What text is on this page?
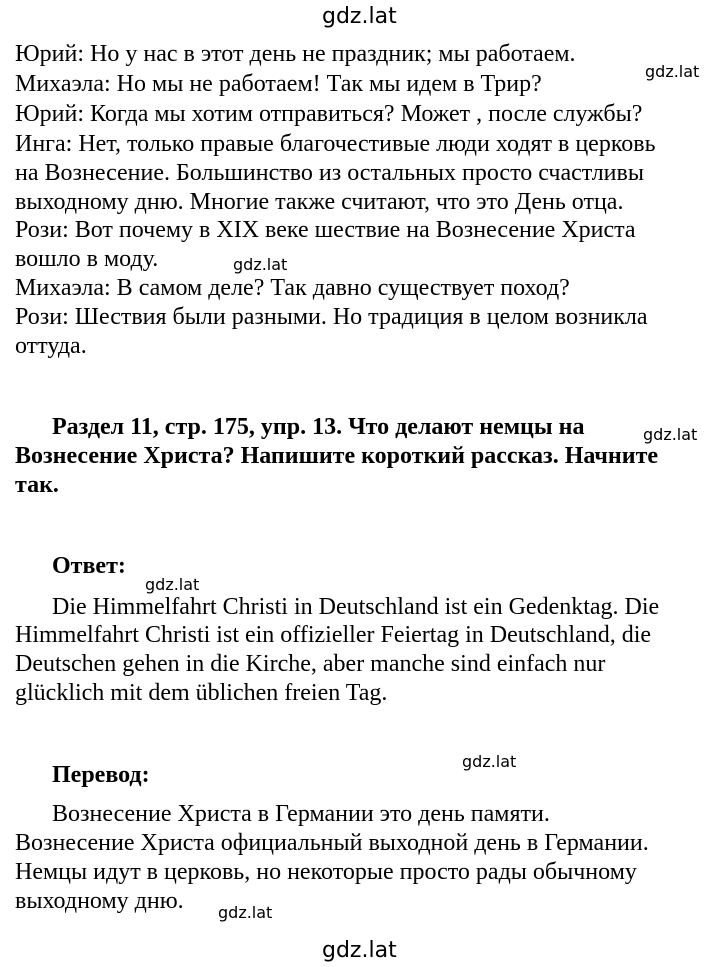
gdz.lat
gdz.lat
gdz.lat
gdz.lat
gdz.lat
gdz.lat
gdz.lat
gdz.lat
Юрий: Но у нас в этот день не праздник; мы работаем.
Михаэла: Но мы не работаем! Так мы идем в Трир?
Юрий: Когда мы хотим отправиться? Может , после службы?
Инга: Нет, только правые благочестивые люди ходят в церковь
на Вознесение. Большинство из остальных просто счастливы
выходному дню. Многие также считают, что это День отца.
Рози: Вот почему в XIX веке шествие на Вознесение Христа
вошло в моду.
Михаэла: В самом деле? Так давно существует поход?
Рози: Шествия были разными. Но традиция в целом возникла
оттуда.
Раздел 11, стр. 175, упр. 13. Что делают немцы на
Вознесение Христа? Напишите короткий рассказ. Начните
так.
Ответ:
Die Himmelfahrt Christi in Deutschland ist ein Gedenktag. Die
Himmelfahrt Christi ist ein offizieller Feiertag in Deutschland, die
Deutschen gehen in die Kirche, aber manche sind einfach nur
glücklich mit dem üblichen freien Tag.
Перевод:
Вознесение Христа в Германии это день памяти.
Вознесение Христа официальный выходной день в Германии.
Немцы идут в церковь, но некоторые просто рады обычному
выходному дню.
